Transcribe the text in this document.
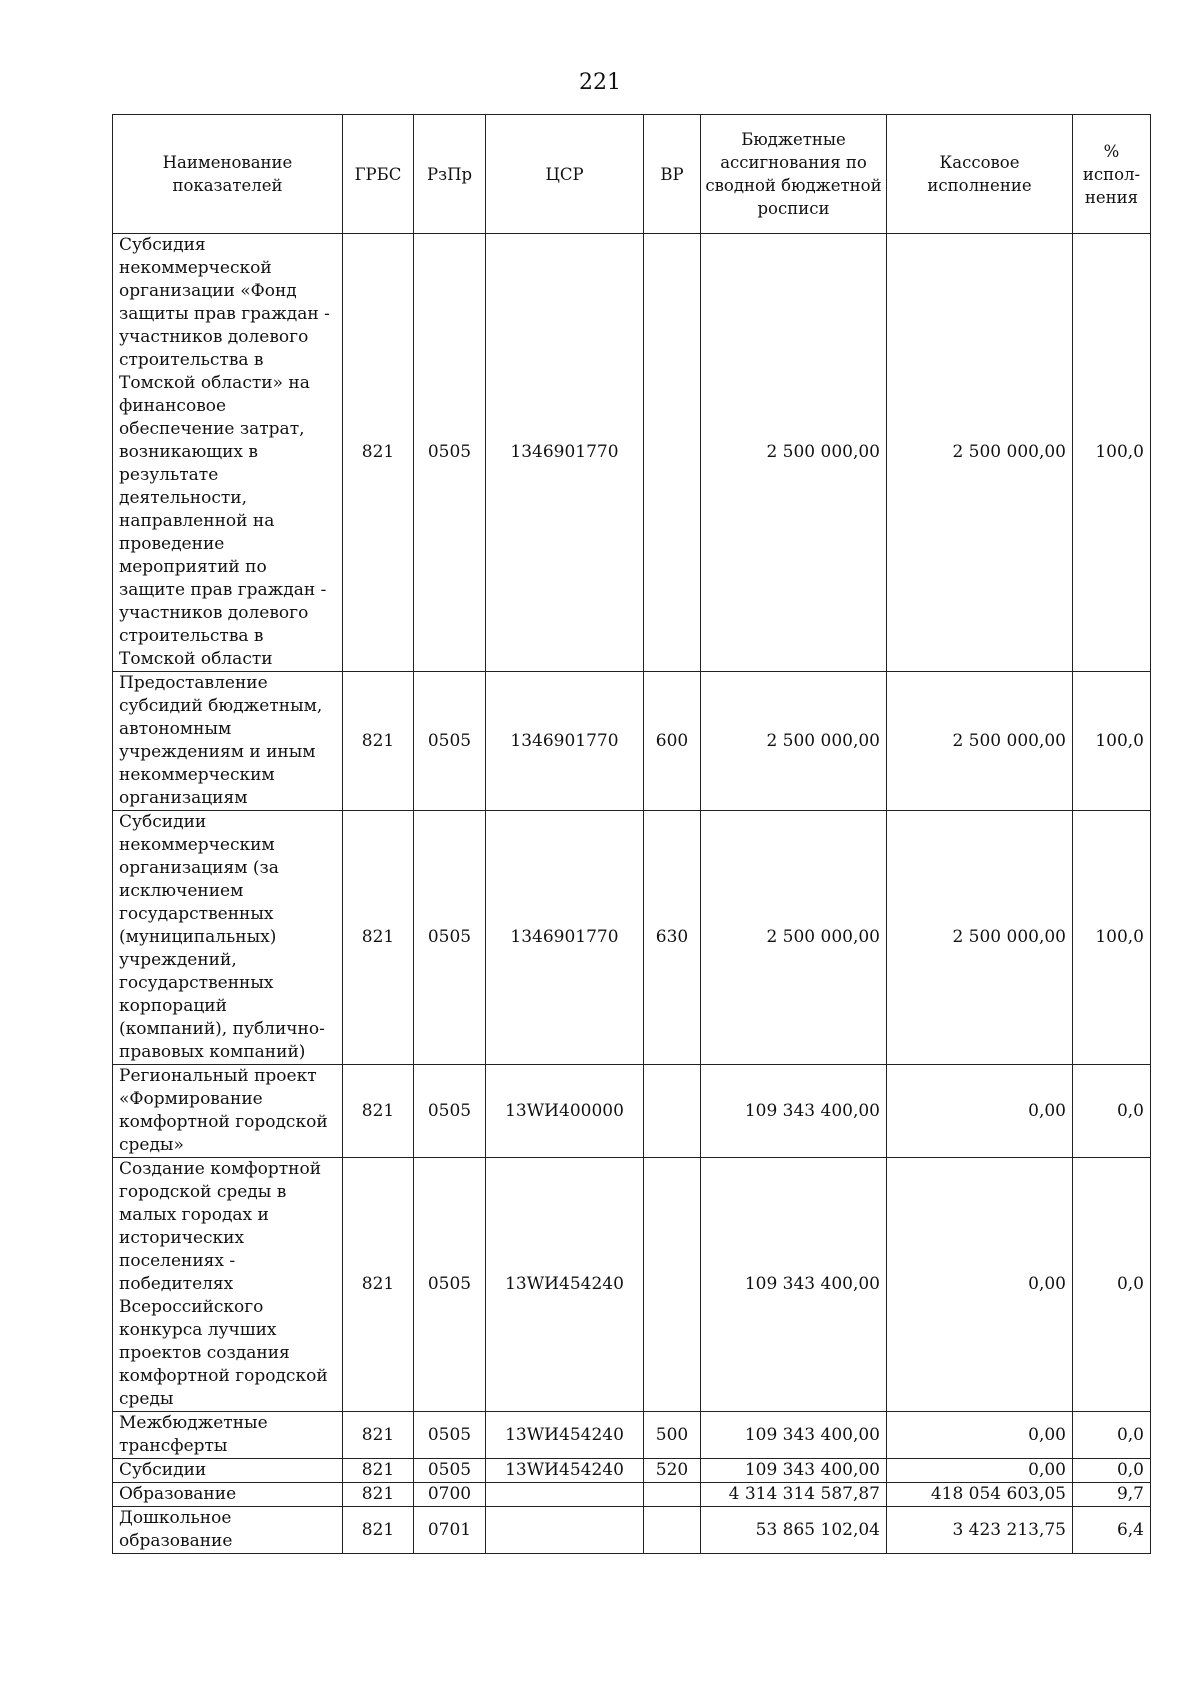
221
Наименование показателей	ГРБС	РзПр	ЦСР	ВР	Бюджетные ассигнования по сводной бюджетной росписи	Кассовое исполнение	% испол-нения
Субсидия некоммерческой организации «Фонд защиты прав граждан - участников долевого строительства в Томской области» на финансовое обеспечение затрат, возникающих в результате деятельности, направленной на проведение мероприятий по защите прав граждан - участников долевого строительства в Томской области	821	0505	1346901770		2 500 000,00	2 500 000,00	100,0
Предоставление субсидий бюджетным, автономным учреждениям и иным некоммерческим организациям	821	0505	1346901770	600	2 500 000,00	2 500 000,00	100,0
Субсидии некоммерческим организациям (за исключением государственных (муниципальных) учреждений, государственных корпораций (компаний), публично-правовых компаний)	821	0505	1346901770	630	2 500 000,00	2 500 000,00	100,0
Региональный проект «Формирование комфортной городской среды»	821	0505	13WИ400000		109 343 400,00	0,00	0,0
Создание комфортной городской среды в малых городах и исторических поселениях - победителях Всероссийского конкурса лучших проектов создания комфортной городской среды	821	0505	13WИ454240		109 343 400,00	0,00	0,0
Межбюджетные трансферты	821	0505	13WИ454240	500	109 343 400,00	0,00	0,0
Субсидии	821	0505	13WИ454240	520	109 343 400,00	0,00	0,0
Образование	821	0700			4 314 314 587,87	418 054 603,05	9,7
Дошкольное образование	821	0701			53 865 102,04	3 423 213,75	6,4
